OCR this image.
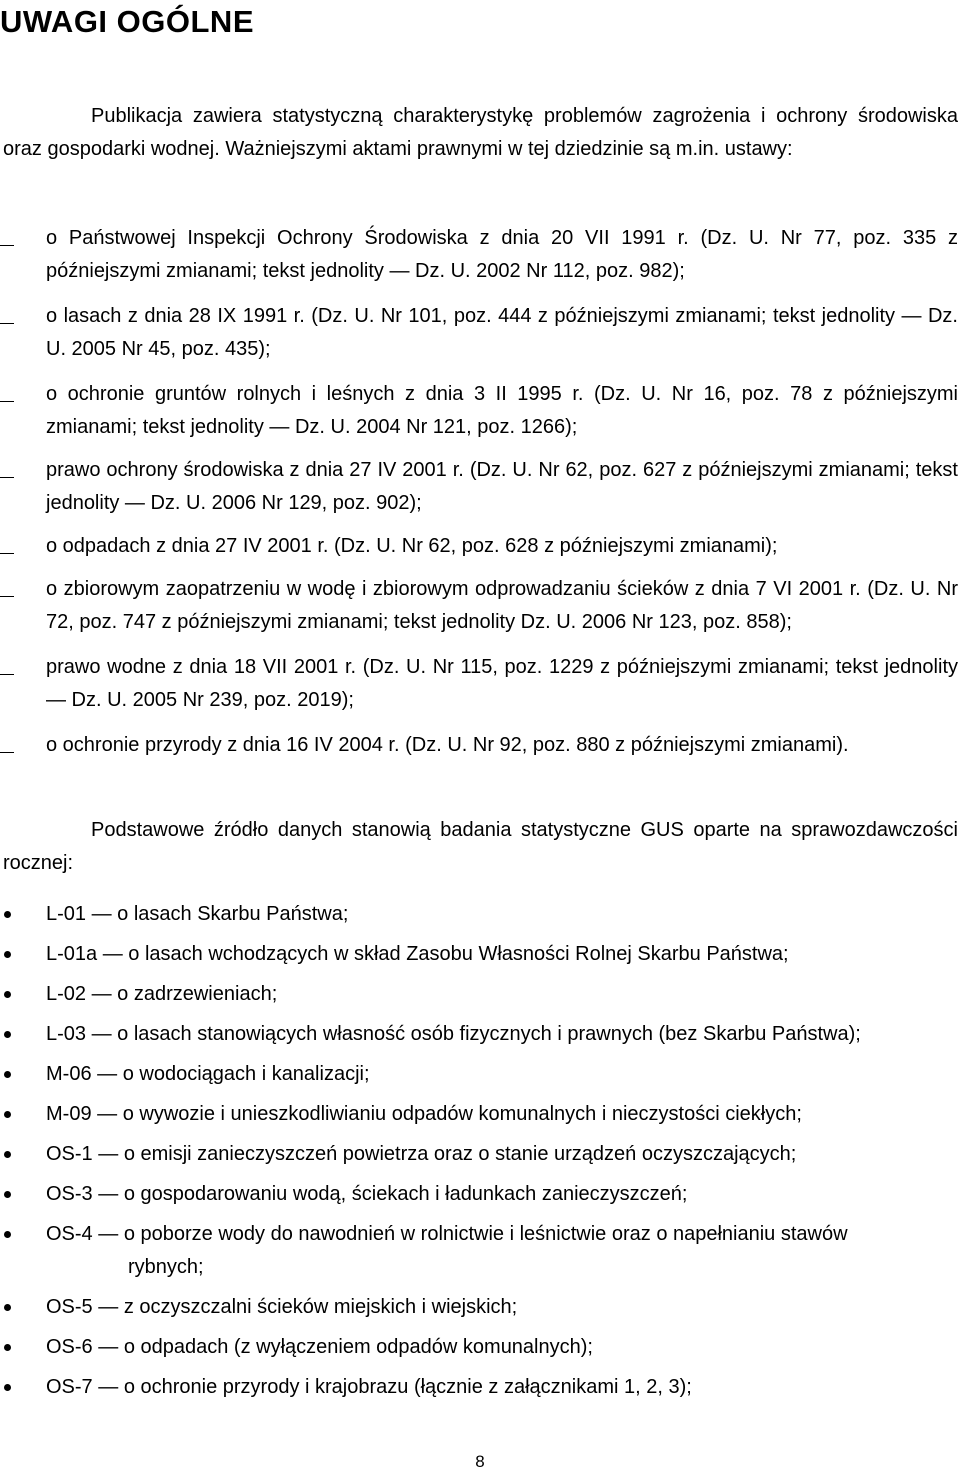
UWAGI OGÓLNE

Publikacja zawiera statystyczną charakterystykę problemów zagrożenia i ochrony środowiska oraz gospodarki wodnej. Ważniejszymi aktami prawnymi w tej dziedzinie są m.in. ustawy:

o Państwowej Inspekcji Ochrony Środowiska z dnia 20 VII 1991 r. (Dz. U. Nr 77, poz. 335 z późniejszymi zmianami; tekst jednolity — Dz. U. 2002 Nr 112, poz. 982);
o lasach z dnia 28 IX 1991 r. (Dz. U. Nr 101, poz. 444 z późniejszymi zmianami; tekst jednolity — Dz. U. 2005 Nr 45, poz. 435);
o ochronie gruntów rolnych i leśnych z dnia 3 II 1995 r. (Dz. U. Nr 16, poz. 78 z późniejszymi zmianami; tekst jednolity — Dz. U. 2004 Nr 121, poz. 1266);
prawo ochrony środowiska z dnia 27 IV 2001 r. (Dz. U. Nr 62, poz. 627 z późniejszymi zmianami; tekst jednolity — Dz. U. 2006 Nr 129, poz. 902);
o odpadach z dnia 27 IV 2001 r. (Dz. U. Nr 62, poz. 628 z późniejszymi zmianami);
o zbiorowym zaopatrzeniu w wodę i zbiorowym odprowadzaniu ścieków z dnia 7 VI 2001 r. (Dz. U. Nr 72, poz. 747 z późniejszymi zmianami; tekst jednolity Dz. U. 2006 Nr 123, poz. 858);
prawo wodne z dnia 18 VII 2001 r. (Dz. U. Nr 115, poz. 1229 z późniejszymi zmianami; tekst jednolity — Dz. U. 2005 Nr 239, poz. 2019);
o ochronie przyrody z dnia 16 IV 2004 r. (Dz. U. Nr 92, poz. 880 z późniejszymi zmianami).

Podstawowe źródło danych stanowią badania statystyczne GUS oparte na sprawozdawczości rocznej:

L-01 — o lasach Skarbu Państwa;
L-01a — o lasach wchodzących w skład Zasobu Własności Rolnej Skarbu Państwa;
L-02 — o zadrzewieniach;
L-03 — o lasach stanowiących własność osób fizycznych i prawnych (bez Skarbu Państwa);
M-06 — o wodociągach i kanalizacji;
M-09 — o wywozie i unieszkodliwianiu odpadów komunalnych i nieczystości ciekłych;
OS-1 — o emisji zanieczyszczeń powietrza oraz o stanie urządzeń oczyszczających;
OS-3 — o gospodarowaniu wodą, ściekach i ładunkach zanieczyszczeń;
OS-4 — o poborze wody do nawodnień w rolnictwie i leśnictwie oraz o napełnianiu stawów
rybnych;
OS-5 — z oczyszczalni ścieków miejskich i wiejskich;
OS-6 — o odpadach (z wyłączeniem odpadów komunalnych);
OS-7 — o ochronie przyrody i krajobrazu (łącznie z załącznikami 1, 2, 3);
8
